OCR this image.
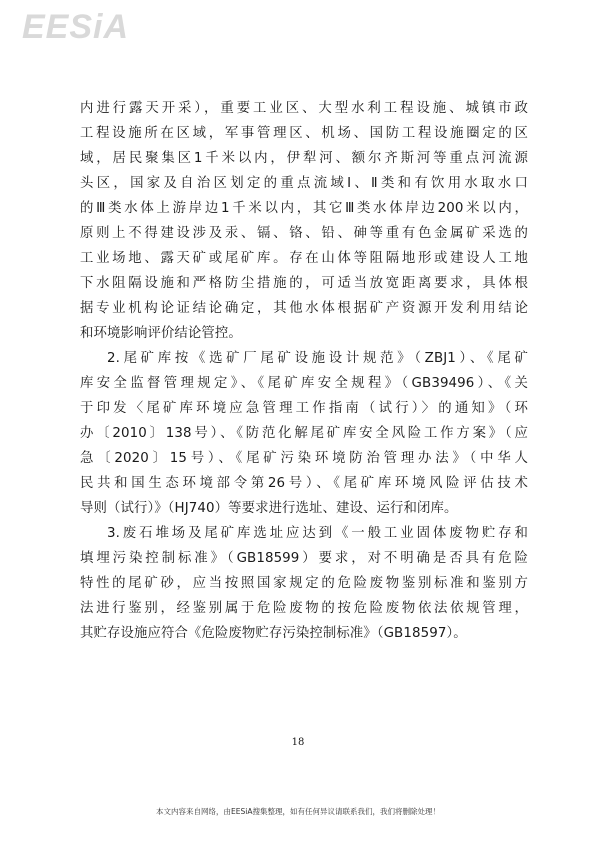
EESiA
内进行露天开采），重要工业区、大型水利工程设施、城镇市政
工程设施所在区域，军事管理区、机场、国防工程设施圈定的区
域，居民聚集区1千米以内，伊犁河、额尔齐斯河等重点河流源
头区，国家及自治区划定的重点流域Ⅰ、Ⅱ类和有饮用水取水口
的Ⅲ类水体上游岸边1千米以内，其它Ⅲ类水体岸边200米以内，
原则上不得建设涉及汞、镉、铬、铅、砷等重有色金属矿采选的
工业场地、露天矿或尾矿库。存在山体等阻隔地形或建设人工地
下水阻隔设施和严格防尘措施的，可适当放宽距离要求，具体根
据专业机构论证结论确定，其他水体根据矿产资源开发利用结论
和环境影响评价结论管控。
2.尾矿库按《选矿厂尾矿设施设计规范》（ZBJ1）、《尾矿
库安全监督管理规定》、《尾矿库安全规程》（GB39496）、《关
于印发〈尾矿库环境应急管理工作指南（试行）〉的通知》（环
办〔2010〕138号）、《防范化解尾矿库安全风险工作方案》（应
急〔2020〕15号）、《尾矿污染环境防治管理办法》（中华人
民共和国生态环境部令第26号）、《尾矿库环境风险评估技术
导则（试行）》（HJ740）等要求进行选址、建设、运行和闭库。
3.废石堆场及尾矿库选址应达到《一般工业固体废物贮存和
填埋污染控制标准》（GB18599）要求，对不明确是否具有危险
特性的尾矿砂，应当按照国家规定的危险废物鉴别标准和鉴别方
法进行鉴别，经鉴别属于危险废物的按危险废物依法依规管理，
其贮存设施应符合《危险废物贮存污染控制标准》（GB18597）。
18
本文内容来自网络，由EESiA搜集整理，如有任何异议请联系我们，我们将删除处理！
